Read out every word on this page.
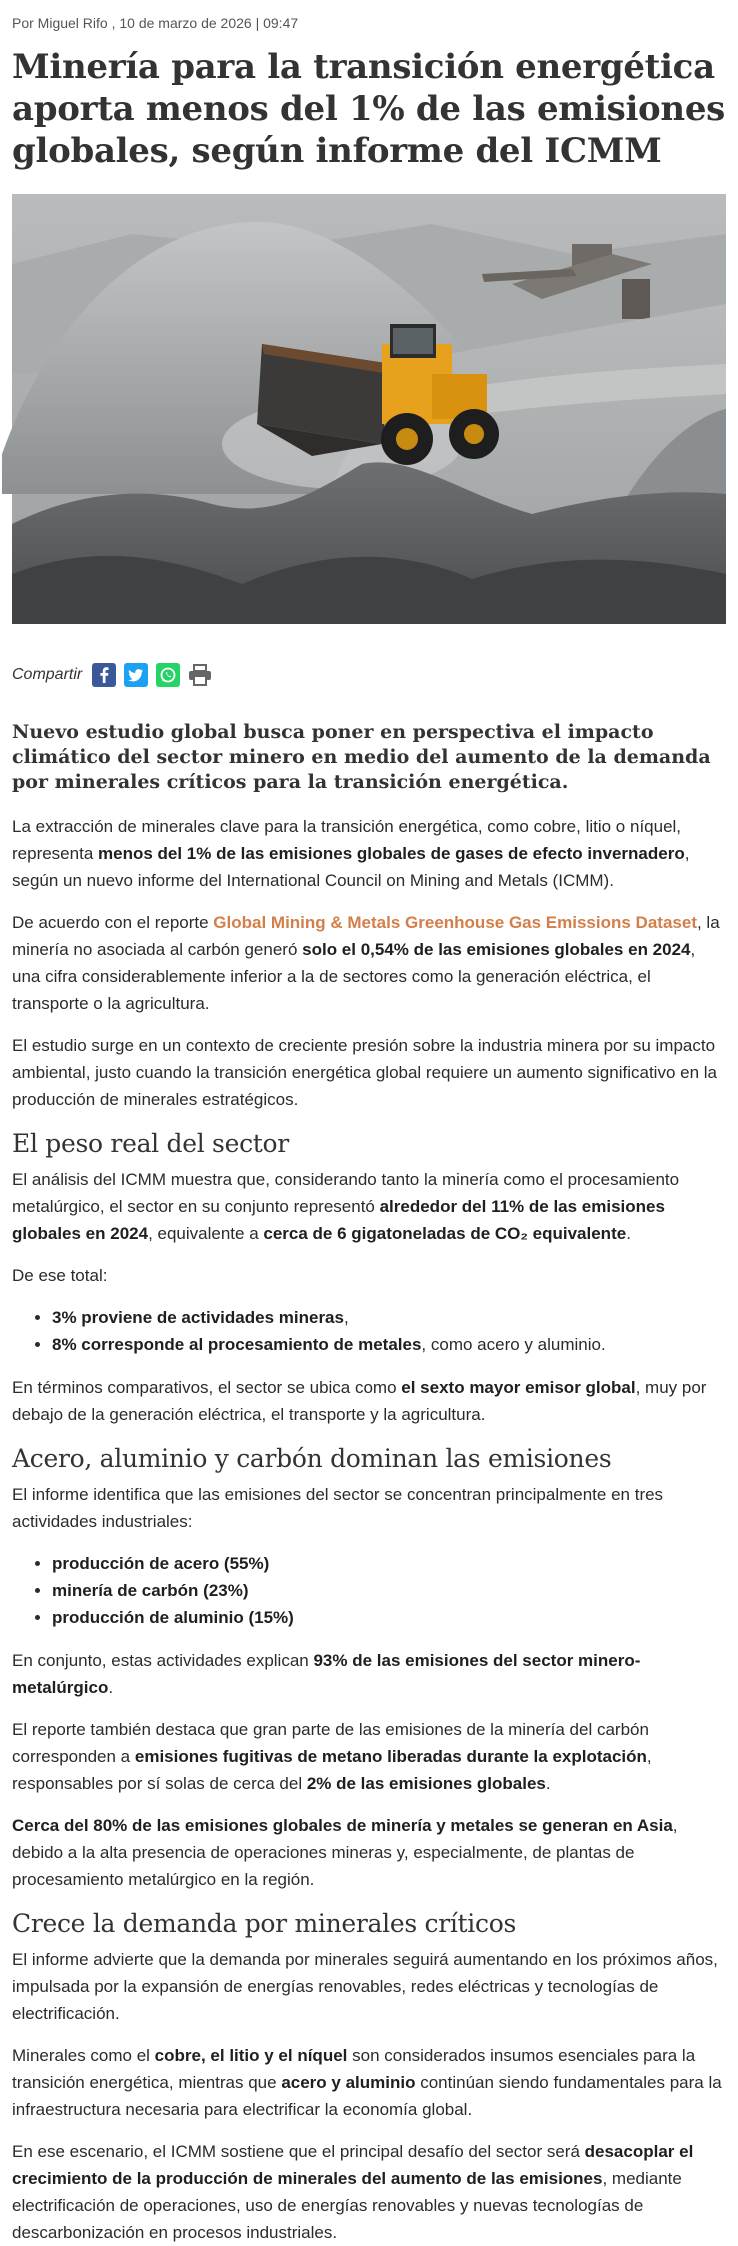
Por Miguel Rifo , 10 de marzo de 2026 | 09:47
Minería para la transición energética aporta menos del 1% de las emisiones globales, según informe del ICMM
Compartir
Nuevo estudio global busca poner en perspectiva el impacto climático del sector minero en medio del aumento de la demanda por minerales críticos para la transición energética.

La extracción de minerales clave para la transición energética, como cobre, litio o níquel, representa menos del 1% de las emisiones globales de gases de efecto invernadero, según un nuevo informe del International Council on Mining and Metals (ICMM).

De acuerdo con el reporte Global Mining & Metals Greenhouse Gas Emissions Dataset, la minería no asociada al carbón generó solo el 0,54% de las emisiones globales en 2024, una cifra considerablemente inferior a la de sectores como la generación eléctrica, el transporte o la agricultura.

El estudio surge en un contexto de creciente presión sobre la industria minera por su impacto ambiental, justo cuando la transición energética global requiere un aumento significativo en la producción de minerales estratégicos.

El peso real del sector

El análisis del ICMM muestra que, considerando tanto la minería como el procesamiento metalúrgico, el sector en su conjunto representó alrededor del 11% de las emisiones globales en 2024, equivalente a cerca de 6 gigatoneladas de CO₂ equivalente.

De ese total:

• 3% proviene de actividades mineras,
• 8% corresponde al procesamiento de metales, como acero y aluminio.

En términos comparativos, el sector se ubica como el sexto mayor emisor global, muy por debajo de la generación eléctrica, el transporte y la agricultura.

Acero, aluminio y carbón dominan las emisiones

El informe identifica que las emisiones del sector se concentran principalmente en tres actividades industriales:

• producción de acero (55%)
• minería de carbón (23%)
• producción de aluminio (15%)

En conjunto, estas actividades explican 93% de las emisiones del sector minero-metalúrgico.

El reporte también destaca que gran parte de las emisiones de la minería del carbón corresponden a emisiones fugitivas de metano liberadas durante la explotación, responsables por sí solas de cerca del 2% de las emisiones globales.

Cerca del 80% de las emisiones globales de minería y metales se generan en Asia, debido a la alta presencia de operaciones mineras y, especialmente, de plantas de procesamiento metalúrgico en la región.

Crece la demanda por minerales críticos

El informe advierte que la demanda por minerales seguirá aumentando en los próximos años, impulsada por la expansión de energías renovables, redes eléctricas y tecnologías de electrificación.

Minerales como el cobre, el litio y el níquel son considerados insumos esenciales para la transición energética, mientras que acero y aluminio continúan siendo fundamentales para la infraestructura necesaria para electrificar la economía global.

En ese escenario, el ICMM sostiene que el principal desafío del sector será desacoplar el crecimiento de la producción de minerales del aumento de las emisiones, mediante electrificación de operaciones, uso de energías renovables y nuevas tecnologías de descarbonización en procesos industriales.
